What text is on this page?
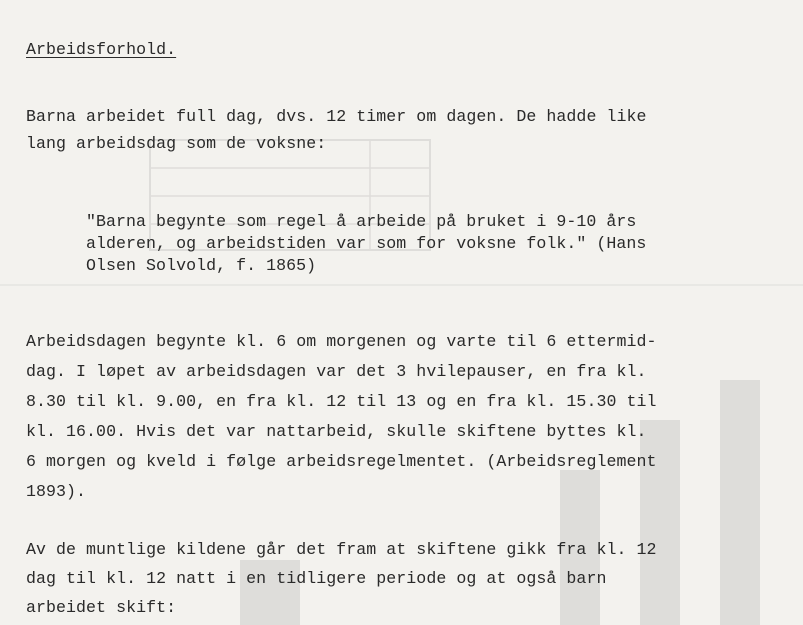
Arbeidsforhold.
Barna arbeidet full dag, dvs. 12 timer om dagen. De hadde like
lang arbeidsdag som de voksne:
"Barna begynte som regel å arbeide på bruket i 9-10 års
alderen, og arbeidstiden var som for voksne folk." (Hans
Olsen Solvold, f. 1865)
Arbeidsdagen begynte kl. 6 om morgenen og varte til 6 ettermid-
dag. I løpet av arbeidsdagen var det 3 hvilepauser, en fra kl.
8.30 til kl. 9.00, en fra kl. 12 til 13 og en fra kl. 15.30 til
kl. 16.00. Hvis det var nattarbeid, skulle skiftene byttes kl.
6 morgen og kveld i følge arbeidsregelmentet. (Arbeidsreglement
1893).
Av de muntlige kildene går det fram at skiftene gikk fra kl. 12
dag til kl. 12 natt i en tidligere periode og at også barn
arbeidet skift:
